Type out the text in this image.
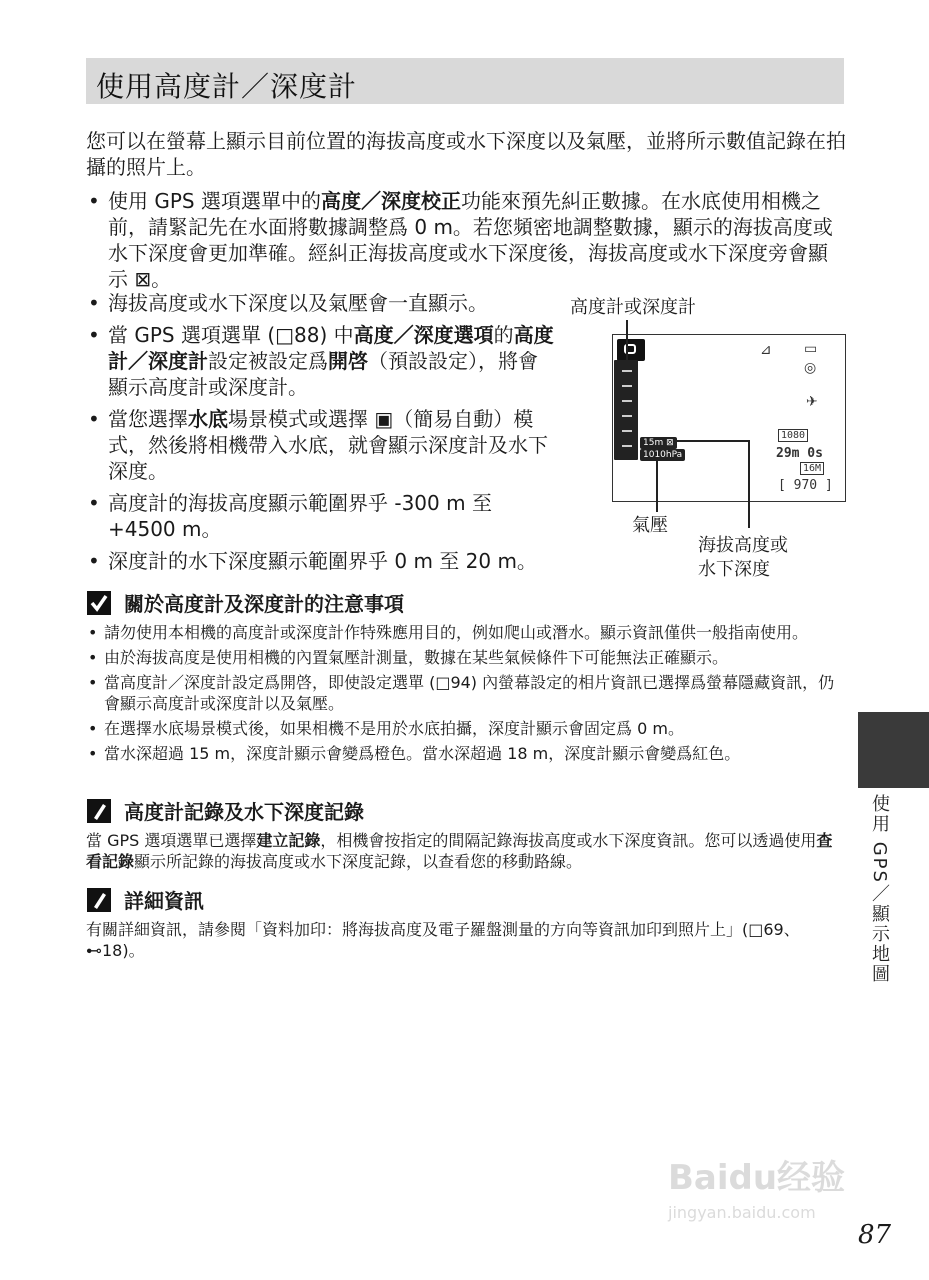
使用高度計／深度計

您可以在螢幕上顯示目前位置的海拔高度或水下深度以及氣壓，並將所示數值記錄在拍攝的照片上。

• 使用 GPS 選項選單中的高度／深度校正功能來預先糾正數據。在水底使用相機之前，請緊記先在水面將數據調整爲 0 m。若您頻密地調整數據，顯示的海拔高度或水下深度會更加準確。經糾正海拔高度或水下深度後，海拔高度或水下深度旁會顯示 ⊠。
• 海拔高度或水下深度以及氣壓會一直顯示。
• 當 GPS 選項選單 (□88) 中高度／深度選項的高度計／深度計設定被設定爲開啓（預設設定），將會顯示高度計或深度計。
• 當您選擇水底場景模式或選擇 ▣（簡易自動）模式，然後將相機帶入水底，就會顯示深度計及水下深度。
• 高度計的海拔高度顯示範圍界乎 -300 m 至 +4500 m。
• 深度計的水下深度顯示範圍界乎 0 m 至 20 m。
高度計或深度計
⊿ ▭
◎
✈
15m ⊠
1010hPa
1080
29m 0s
16M
[ 970 ]
氣壓
海拔高度或
水下深度
關於高度計及深度計的注意事項
• 請勿使用本相機的高度計或深度計作特殊應用目的，例如爬山或潛水。顯示資訊僅供一般指南使用。
• 由於海拔高度是使用相機的內置氣壓計測量，數據在某些氣候條件下可能無法正確顯示。
• 當高度計／深度計設定爲開啓，即使設定選單 (□94) 內螢幕設定的相片資訊已選擇爲螢幕隱藏資訊，仍會顯示高度計或深度計以及氣壓。
• 在選擇水底場景模式後，如果相機不是用於水底拍攝，深度計顯示會固定爲 0 m。
• 當水深超過 15 m，深度計顯示會變爲橙色。當水深超過 18 m，深度計顯示會變爲紅色。
高度計記錄及水下深度記錄

當 GPS 選項選單已選擇建立記錄，相機會按指定的間隔記錄海拔高度或水下深度資訊。您可以透過使用查看記錄顯示所記錄的海拔高度或水下深度記錄，以查看您的移動路線。

詳細資訊

有關詳細資訊，請參閱「資料加印：將海拔高度及電子羅盤測量的方向等資訊加印到照片上」(□69、⊷18)。	使用 GPS／顯示地圖
Baidu经验
jingyan.baidu.com
87
